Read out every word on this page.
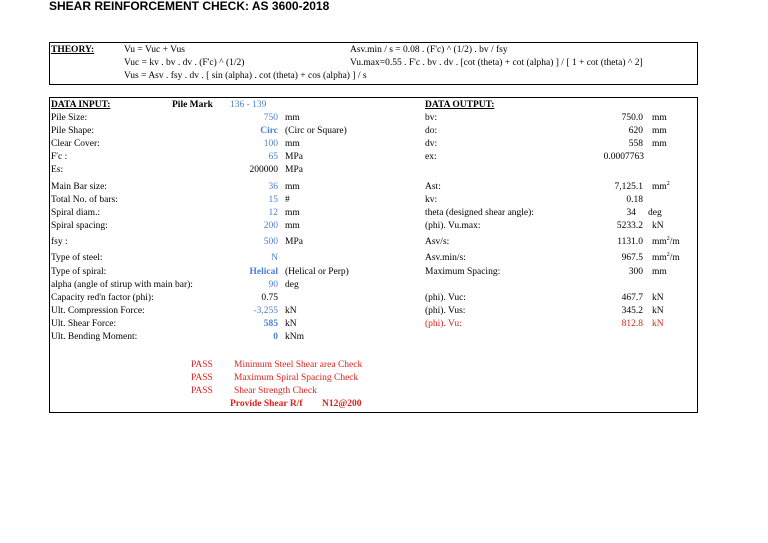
SHEAR REINFORCEMENT CHECK: AS 3600-2018
THEORY:	Vu = Vuc + Vus
Vuc = kv . bv . dv . (F'c) ^ (1/2)
Vus = Asv . fsy . dv . [ sin (alpha) . cot (theta) + cos (alpha) ] / s
Asv.min / s = 0.08 . (F'c) ^ (1/2) . bv / fsy
Vu.max=0.55 . F'c . bv . dv . [cot (theta) + cot (alpha) ] / [ 1 + cot (theta) ^ 2]
DATA INPUT:	Pile Mark 136 - 139	DATA OUTPUT:
Pile Size:	750 mm
Pile Shape:	Circ (Circ or Square)
Clear Cover:	100 mm
F'c :	65 MPa
Es:	200000 MPa
Main Bar size:	36 mm
Total No. of bars:	15 #
Spiral diam.:	12 mm
Spiral spacing:	200 mm
fsy :	500 MPa
Type of steel:	N
Type of spiral:	Helical (Helical or Perp)
alpha (angle of stirup with main bar):	90 deg
Capacity red'n factor (phi):	0.75
Ult. Compression Force:	-3,255 kN
Ult. Shear Force:	585 kN
Ult. Bending Moment:	0 kNm
bv:	750.0 mm
do:	620 mm
dv:	558 mm
ex:	0.0007763
Ast:	7,125.1 $mm^2$
kv:	0.18
theta (designed shear angle):	34 deg
(phi). Vu.max:	5233.2 kN
Asv/s:	1131.0 $mm^2/m$
Asv.min/s:	967.5 $mm^2/m$
Maximum Spacing:	300 mm
(phi). Vuc:	467.7 kN
(phi). Vus:	345.2 kN
(phi). Vu:	812.8 kN
PASS Minimum Steel Shear area Check
PASS Maximum Spiral Spacing Check
PASS Shear Strength Check
Provide Shear R/f N12@200
